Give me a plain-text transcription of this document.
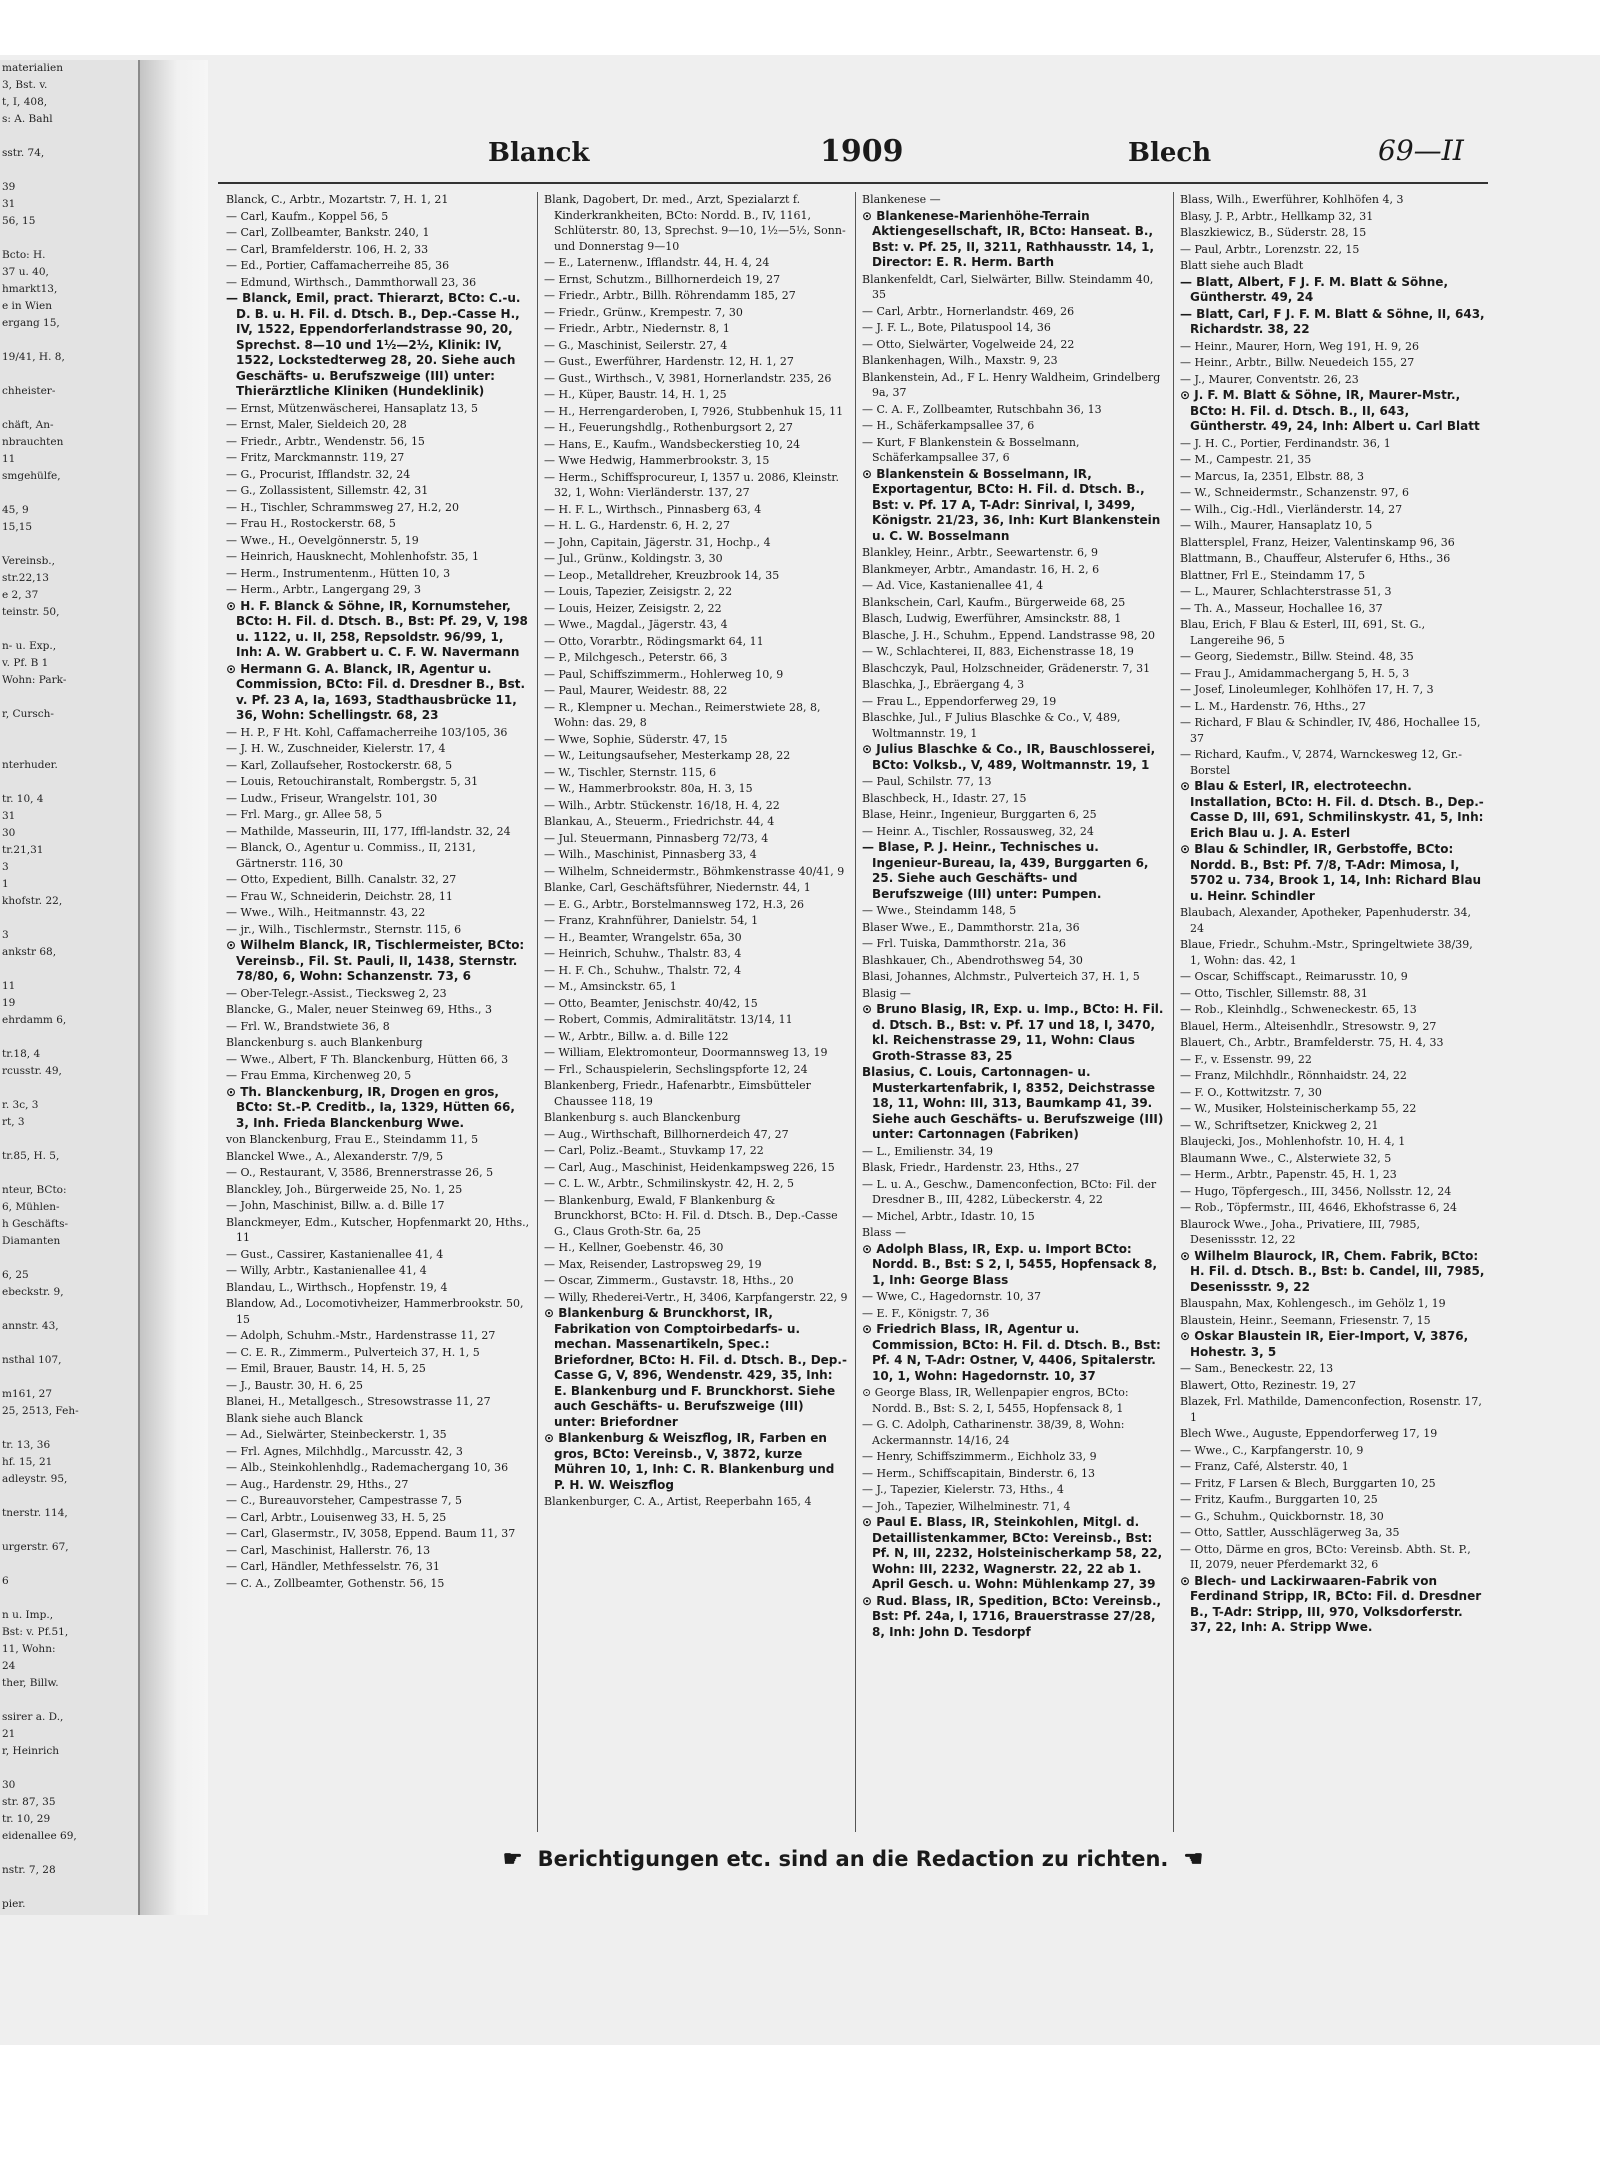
materialien
3, Bst. v.
t, I, 408,
s: A. Bahl

sstr. 74,

39
31
56, 15

Bcto: H.
37 u. 40,
hmarkt13,
e in Wien
ergang 15,

19/41, H. 8,

chheister-

chäft, An-
nbrauchten
11
smgehülfe,

45, 9
15,15

Vereinsb.,
str.22,13
e 2, 37
teinstr. 50,

n- u. Exp.,
v. Pf. B 1
Wohn: Park-

r, Cursch-

nterhuder.

tr. 10, 4
31
30
tr.21,31
3
1
khofstr. 22,

3
ankstr 68,

11
19
ehrdamm 6,

tr.18, 4
rcusstr. 49,

r. 3c, 3
rt, 3

tr.85, H. 5,

nteur, BCto:
6, Mühlen-
h Geschäfts-
Diamanten

6, 25
ebeckstr. 9,

annstr. 43,

nsthal 107,

m161, 27
25, 2513, Feh-

tr. 13, 36
hf. 15, 21
adleystr. 95,

tnerstr. 114,

urgerstr. 67,

6

n u. Imp.,
Bst: v. Pf.51,
11, Wohn:
24
ther, Billw.

ssirer a. D.,
21
r, Heinrich

30
str. 87, 35
tr. 10, 29
eidenallee 69,

nstr. 7, 28

pier.
Blanck	1909	Blech	69—II
Blanck, C., Arbtr., Mozartstr. 7, H. 1, 21
— Carl, Kaufm., Koppel 56, 5
— Carl, Zollbeamter, Bankstr. 240, 1
— Carl, Bramfelderstr. 106, H. 2, 33
— Ed., Portier, Caffamacherreihe 85, 36
— Edmund, Wirthsch., Dammthorwall 23, 36
— Blanck, Emil, pract. Thierarzt, BCto: C.-u. D. B. u. H. Fil. d. Dtsch. B., Dep.-Casse H., IV, 1522, Eppendorferlandstrasse 90, 20, Sprechst. 8—10 und 1½—2½, Klinik: IV, 1522, Lockstedterweg 28, 20. Siehe auch Geschäfts- u. Berufszweige (III) unter: Thierärztliche Kliniken (Hundeklinik)
— Ernst, Mützenwäscherei, Hansaplatz 13, 5
— Ernst, Maler, Sieldeich 20, 28
— Friedr., Arbtr., Wendenstr. 56, 15
— Fritz, Marckmannstr. 119, 27
— G., Procurist, Ifflandstr. 32, 24
— G., Zollassistent, Sillemstr. 42, 31
— H., Tischler, Schrammsweg 27, H.2, 20
— Frau H., Rostockerstr. 68, 5
— Wwe., H., Oevelgönnerstr. 5, 19
— Heinrich, Hausknecht, Mohlenhofstr. 35, 1
— Herm., Instrumentenm., Hütten 10, 3
— Herm., Arbtr., Langergang 29, 3
⊙ H. F. Blanck & Söhne, IR, Kornumsteher, BCto: H. Fil. d. Dtsch. B., Bst: Pf. 29, V, 198 u. 1122, u. II, 258, Repsoldstr. 96/99, 1, Inh: A. W. Grabbert u. C. F. W. Navermann
⊙ Hermann G. A. Blanck, IR, Agentur u. Commission, BCto: Fil. d. Dresdner B., Bst. v. Pf. 23 A, Ia, 1693, Stadthausbrücke 11, 36, Wohn: Schellingstr. 68, 23
— H. P., F Ht. Kohl, Caffamacherreihe 103/105, 36
— J. H. W., Zuschneider, Kielerstr. 17, 4
— Karl, Zollaufseher, Rostockerstr. 68, 5
— Louis, Retouchiranstalt, Rombergstr. 5, 31
— Ludw., Friseur, Wrangelstr. 101, 30
— Frl. Marg., gr. Allee 58, 5
— Mathilde, Masseurin, III, 177, Iffl-landstr. 32, 24
— Blanck, O., Agentur u. Commiss., II, 2131, Gärtnerstr. 116, 30
— Otto, Expedient, Billh. Canalstr. 32, 27
— Frau W., Schneiderin, Deichstr. 28, 11
— Wwe., Wilh., Heitmannstr. 43, 22
— jr., Wilh., Tischlermstr., Sternstr. 115, 6
⊙ Wilhelm Blanck, IR, Tischlermeister, BCto: Vereinsb., Fil. St. Pauli, II, 1438, Sternstr. 78/80, 6, Wohn: Schanzenstr. 73, 6
— Ober-Telegr.-Assist., Tiecksweg 2, 23
Blancke, G., Maler, neuer Steinweg 69, Hths., 3
— Frl. W., Brandstwiete 36, 8
Blanckenburg s. auch Blankenburg
— Wwe., Albert, F Th. Blanckenburg, Hütten 66, 3
— Frau Emma, Kirchenweg 20, 5
⊙ Th. Blanckenburg, IR, Drogen en gros, BCto: St.-P. Creditb., Ia, 1329, Hütten 66, 3, Inh. Frieda Blanckenburg Wwe.
von Blanckenburg, Frau E., Steindamm 11, 5
Blanckel Wwe., A., Alexanderstr. 7/9, 5
— O., Restaurant, V, 3586, Brennerstrasse 26, 5
Blanckley, Joh., Bürgerweide 25, No. 1, 25
— John, Maschinist, Billw. a. d. Bille 17
Blanckmeyer, Edm., Kutscher, Hopfenmarkt 20, Hths., 11
— Gust., Cassirer, Kastanienallee 41, 4
— Willy, Arbtr., Kastanienallee 41, 4
Blandau, L., Wirthsch., Hopfenstr. 19, 4
Blandow, Ad., Locomotivheizer, Hammerbrookstr. 50, 15
— Adolph, Schuhm.-Mstr., Hardenstrasse 11, 27
— C. E. R., Zimmerm., Pulverteich 37, H. 1, 5
— Emil, Brauer, Baustr. 14, H. 5, 25
— J., Baustr. 30, H. 6, 25
Blanei, H., Metallgesch., Stresowstrasse 11, 27
Blank siehe auch Blanck
— Ad., Sielwärter, Steinbeckerstr. 1, 35
— Frl. Agnes, Milchhdlg., Marcusstr. 42, 3
— Alb., Steinkohlenhdlg., Rademachergang 10, 36
— Aug., Hardenstr. 29, Hths., 27
— C., Bureauvorsteher, Campestrasse 7, 5
— Carl, Arbtr., Louisenweg 33, H. 5, 25
— Carl, Glasermstr., IV, 3058, Eppend. Baum 11, 37
— Carl, Maschinist, Hallerstr. 76, 13
— Carl, Händler, Methfesselstr. 76, 31
— C. A., Zollbeamter, Gothenstr. 56, 15
Blank, Dagobert, Dr. med., Arzt, Spezialarzt f. Kinderkrankheiten, BCto: Nordd. B., IV, 1161, Schlüterstr. 80, 13, Sprechst. 9—10, 1½—5½, Sonn- und Donnerstag 9—10
— E., Laternenw., Ifflandstr. 44, H. 4, 24
— Ernst, Schutzm., Billhornerdeich 19, 27
— Friedr., Arbtr., Billh. Röhrendamm 185, 27
— Friedr., Grünw., Krempestr. 7, 30
— Friedr., Arbtr., Niedernstr. 8, 1
— G., Maschinist, Seilerstr. 27, 4
— Gust., Ewerführer, Hardenstr. 12, H. 1, 27
— Gust., Wirthsch., V, 3981, Hornerlandstr. 235, 26
— H., Küper, Baustr. 14, H. 1, 25
— H., Herrengarderoben, I, 7926, Stubbenhuk 15, 11
— H., Feuerungshdlg., Rothenburgsort 2, 27
— Hans, E., Kaufm., Wandsbeckerstieg 10, 24
— Wwe Hedwig, Hammerbrookstr. 3, 15
— Herm., Schiffsprocureur, I, 1357 u. 2086, Kleinstr. 32, 1, Wohn: Vierländerstr. 137, 27
— H. F. L., Wirthsch., Pinnasberg 63, 4
— H. L. G., Hardenstr. 6, H. 2, 27
— John, Capitain, Jägerstr. 31, Hochp., 4
— Jul., Grünw., Koldingstr. 3, 30
— Leop., Metalldreher, Kreuzbrook 14, 35
— Louis, Tapezier, Zeisigstr. 2, 22
— Louis, Heizer, Zeisigstr. 2, 22
— Wwe., Magdal., Jägerstr. 43, 4
— Otto, Vorarbtr., Rödingsmarkt 64, 11
— P., Milchgesch., Peterstr. 66, 3
— Paul, Schiffszimmerm., Hohlerweg 10, 9
— Paul, Maurer, Weidestr. 88, 22
— R., Klempner u. Mechan., Reimerstwiete 28, 8, Wohn: das. 29, 8
— Wwe, Sophie, Süderstr. 47, 15
— W., Leitungsaufseher, Mesterkamp 28, 22
— W., Tischler, Sternstr. 115, 6
— W., Hammerbrookstr. 80a, H. 3, 15
— Wilh., Arbtr. Stückenstr. 16/18, H. 4, 22
Blankau, A., Steuerm., Friedrichstr. 44, 4
— Jul. Steuermann, Pinnasberg 72/73, 4
— Wilh., Maschinist, Pinnasberg 33, 4
— Wilhelm, Schneidermstr., Böhmkenstrasse 40/41, 9
Blanke, Carl, Geschäftsführer, Niedernstr. 44, 1
— E. G., Arbtr., Borstelmannsweg 172, H.3, 26
— Franz, Krahnführer, Danielstr. 54, 1
— H., Beamter, Wrangelstr. 65a, 30
— Heinrich, Schuhw., Thalstr. 83, 4
— H. F. Ch., Schuhw., Thalstr. 72, 4
— M., Amsinckstr. 65, 1
— Otto, Beamter, Jenischstr. 40/42, 15
— Robert, Commis, Admiralitätstr. 13/14, 11
— W., Arbtr., Billw. a. d. Bille 122
— William, Elektromonteur, Doormannsweg 13, 19
— Frl., Schauspielerin, Sechslingspforte 12, 24
Blankenberg, Friedr., Hafenarbtr., Eimsbütteler Chaussee 118, 19
Blankenburg s. auch Blanckenburg
— Aug., Wirthschaft, Billhornerdeich 47, 27
— Carl, Poliz.-Beamt., Stuvkamp 17, 22
— Carl, Aug., Maschinist, Heidenkampsweg 226, 15
— C. L. W., Arbtr., Schmilinskystr. 42, H. 2, 5
— Blankenburg, Ewald, F Blankenburg & Brunckhorst, BCto: H. Fil. d. Dtsch. B., Dep.-Casse G., Claus Groth-Str. 6a, 25
— H., Kellner, Goebenstr. 46, 30
— Max, Reisender, Lastropsweg 29, 19
— Oscar, Zimmerm., Gustavstr. 18, Hths., 20
— Willy, Rhederei-Vertr., H, 3406, Karpfangerstr. 22, 9
⊙ Blankenburg & Brunckhorst, IR, Fabrikation von Comptoirbedarfs- u. mechan. Massenartikeln, Spec.: Briefordner, BCto: H. Fil. d. Dtsch. B., Dep.-Casse G, V, 896, Wendenstr. 429, 35, Inh: E. Blankenburg und F. Brunckhorst. Siehe auch Geschäfts- u. Berufszweige (III) unter: Briefordner
⊙ Blankenburg & Weiszflog, IR, Farben en gros, BCto: Vereinsb., V, 3872, kurze Mühren 10, 1, Inh: C. R. Blankenburg und P. H. W. Weiszflog
Blankenburger, C. A., Artist, Reeperbahn 165, 4
Blankenese —
⊙ Blankenese-Marienhöhe-Terrain Aktiengesellschaft, IR, BCto: Hanseat. B., Bst: v. Pf. 25, II, 3211, Rathhausstr. 14, 1, Director: E. R. Herm. Barth
Blankenfeldt, Carl, Sielwärter, Billw. Steindamm 40, 35
— Carl, Arbtr., Hornerlandstr. 469, 26
— J. F. L., Bote, Pilatuspool 14, 36
— Otto, Sielwärter, Vogelweide 24, 22
Blankenhagen, Wilh., Maxstr. 9, 23
Blankenstein, Ad., F L. Henry Waldheim, Grindelberg 9a, 37
— C. A. F., Zollbeamter, Rutschbahn 36, 13
— H., Schäferkampsallee 37, 6
— Kurt, F Blankenstein & Bosselmann, Schäferkampsallee 37, 6
⊙ Blankenstein & Bosselmann, IR, Exportagentur, BCto: H. Fil. d. Dtsch. B., Bst: v. Pf. 17 A, T-Adr: Sinrival, I, 3499, Königstr. 21/23, 36, Inh: Kurt Blankenstein u. C. W. Bosselmann
Blankley, Heinr., Arbtr., Seewartenstr. 6, 9
Blankmeyer, Arbtr., Amandastr. 16, H. 2, 6
— Ad. Vice, Kastanienallee 41, 4
Blankschein, Carl, Kaufm., Bürgerweide 68, 25
Blasch, Ludwig, Ewerführer, Amsinckstr. 88, 1
Blasche, J. H., Schuhm., Eppend. Landstrasse 98, 20
— W., Schlachterei, II, 883, Eichenstrasse 18, 19
Blaschczyk, Paul, Holzschneider, Grädenerstr. 7, 31
Blaschka, J., Ebräergang 4, 3
— Frau L., Eppendorferweg 29, 19
Blaschke, Jul., F Julius Blaschke & Co., V, 489, Woltmannstr. 19, 1
⊙ Julius Blaschke & Co., IR, Bauschlosserei, BCto: Volksb., V, 489, Woltmannstr. 19, 1
— Paul, Schilstr. 77, 13
Blaschbeck, H., Idastr. 27, 15
Blase, Heinr., Ingenieur, Burggarten 6, 25
— Heinr. A., Tischler, Rossausweg, 32, 24
— Blase, P. J. Heinr., Technisches u. Ingenieur-Bureau, Ia, 439, Burggarten 6, 25. Siehe auch Geschäfts- und Berufszweige (III) unter: Pumpen.
— Wwe., Steindamm 148, 5
Blaser Wwe., E., Dammthorstr. 21a, 36
— Frl. Tuiska, Dammthorstr. 21a, 36
Blashkauer, Ch., Abendrothsweg 54, 30
Blasi, Johannes, Alchmstr., Pulverteich 37, H. 1, 5
Blasig —
⊙ Bruno Blasig, IR, Exp. u. Imp., BCto: H. Fil. d. Dtsch. B., Bst: v. Pf. 17 und 18, I, 3470, kl. Reichenstrasse 29, 11, Wohn: Claus Groth-Strasse 83, 25
Blasius, C. Louis, Cartonnagen- u. Musterkartenfabrik, I, 8352, Deichstrasse 18, 11, Wohn: III, 313, Baumkamp 41, 39. Siehe auch Geschäfts- u. Berufszweige (III) unter: Cartonnagen (Fabriken)
— L., Emilienstr. 34, 19
Blask, Friedr., Hardenstr. 23, Hths., 27
— L. u. A., Geschw., Damenconfection, BCto: Fil. der Dresdner B., III, 4282, Lübeckerstr. 4, 22
— Michel, Arbtr., Idastr. 10, 15
Blass —
⊙ Adolph Blass, IR, Exp. u. Import BCto: Nordd. B., Bst: S 2, I, 5455, Hopfensack 8, 1, Inh: George Blass
— Wwe, C., Hagedornstr. 10, 37
— E. F., Königstr. 7, 36
⊙ Friedrich Blass, IR, Agentur u. Commission, BCto: H. Fil. d. Dtsch. B., Bst: Pf. 4 N, T-Adr: Ostner, V, 4406, Spitalerstr. 10, 1, Wohn: Hagedornstr. 10, 37
⊙ George Blass, IR, Wellenpapier engros, BCto: Nordd. B., Bst: S. 2, I, 5455, Hopfensack 8, 1
— G. C. Adolph, Catharinenstr. 38/39, 8, Wohn: Ackermannstr. 14/16, 24
— Henry, Schiffszimmerm., Eichholz 33, 9
— Herm., Schiffscapitain, Binderstr. 6, 13
— J., Tapezier, Kielerstr. 73, Hths., 4
— Joh., Tapezier, Wilhelminestr. 71, 4
⊙ Paul E. Blass, IR, Steinkohlen, Mitgl. d. Detaillistenkammer, BCto: Vereinsb., Bst: Pf. N, III, 2232, Holsteinischerkamp 58, 22, Wohn: III, 2232, Wagnerstr. 22, 22 ab 1. April Gesch. u. Wohn: Mühlenkamp 27, 39
⊙ Rud. Blass, IR, Spedition, BCto: Vereinsb., Bst: Pf. 24a, I, 1716, Brauerstrasse 27/28, 8, Inh: John D. Tesdorpf
Blass, Wilh., Ewerführer, Kohlhöfen 4, 3
Blasy, J. P., Arbtr., Hellkamp 32, 31
Blaszkiewicz, B., Süderstr. 28, 15
— Paul, Arbtr., Lorenzstr. 22, 15
Blatt siehe auch Bladt
— Blatt, Albert, F J. F. M. Blatt & Söhne, Güntherstr. 49, 24
— Blatt, Carl, F J. F. M. Blatt & Söhne, II, 643, Richardstr. 38, 22
— Heinr., Maurer, Horn, Weg 191, H. 9, 26
— Heinr., Arbtr., Billw. Neuedeich 155, 27
— J., Maurer, Conventstr. 26, 23
⊙ J. F. M. Blatt & Söhne, IR, Maurer-Mstr., BCto: H. Fil. d. Dtsch. B., II, 643, Güntherstr. 49, 24, Inh: Albert u. Carl Blatt
— J. H. C., Portier, Ferdinandstr. 36, 1
— M., Campestr. 21, 35
— Marcus, Ia, 2351, Elbstr. 88, 3
— W., Schneidermstr., Schanzenstr. 97, 6
— Wilh., Cig.-Hdl., Vierländerstr. 14, 27
— Wilh., Maurer, Hansaplatz 10, 5
Blattersplel, Franz, Heizer, Valentinskamp 96, 36
Blattmann, B., Chauffeur, Alsterufer 6, Hths., 36
Blattner, Frl E., Steindamm 17, 5
— L., Maurer, Schlachterstrasse 51, 3
— Th. A., Masseur, Hochallee 16, 37
Blau, Erich, F Blau & Esterl, III, 691, St. G., Langereihe 96, 5
— Georg, Siedemstr., Billw. Steind. 48, 35
— Frau J., Amidammachergang 5, H. 5, 3
— Josef, Linoleumleger, Kohlhöfen 17, H. 7, 3
— L. M., Hardenstr. 76, Hths., 27
— Richard, F Blau & Schindler, IV, 486, Hochallee 15, 37
— Richard, Kaufm., V, 2874, Warnckesweg 12, Gr.-Borstel
⊙ Blau & Esterl, IR, electroteechn. Installation, BCto: H. Fil. d. Dtsch. B., Dep.-Casse D, III, 691, Schmilinskystr. 41, 5, Inh: Erich Blau u. J. A. Esterl
⊙ Blau & Schindler, IR, Gerbstoffe, BCto: Nordd. B., Bst: Pf. 7/8, T-Adr: Mimosa, I, 5702 u. 734, Brook 1, 14, Inh: Richard Blau u. Heinr. Schindler
Blaubach, Alexander, Apotheker, Papenhuderstr. 34, 24
Blaue, Friedr., Schuhm.-Mstr., Springeltwiete 38/39, 1, Wohn: das. 42, 1
— Oscar, Schiffscapt., Reimarusstr. 10, 9
— Otto, Tischler, Sillemstr. 88, 31
— Rob., Kleinhdlg., Schweneckestr. 65, 13
Blauel, Herm., Alteisenhdlr., Stresowstr. 9, 27
Blauert, Ch., Arbtr., Bramfelderstr. 75, H. 4, 33
— F., v. Essenstr. 99, 22
— Franz, Milchhdlr., Rönnhaidstr. 24, 22
— F. O., Kottwitzstr. 7, 30
— W., Musiker, Holsteinischerkamp 55, 22
— W., Schriftsetzer, Knickweg 2, 21
Blaujecki, Jos., Mohlenhofstr. 10, H. 4, 1
Blaumann Wwe., C., Alsterwiete 32, 5
— Herm., Arbtr., Papenstr. 45, H. 1, 23
— Hugo, Töpfergesch., III, 3456, Nollsstr. 12, 24
— Rob., Töpfermstr., III, 4646, Ekhofstrasse 6, 24
Blaurock Wwe., Joha., Privatiere, III, 7985, Desenissstr. 12, 22
⊙ Wilhelm Blaurock, IR, Chem. Fabrik, BCto: H. Fil. d. Dtsch. B., Bst: b. Candel, III, 7985, Desenissstr. 9, 22
Blauspahn, Max, Kohlengesch., im Gehölz 1, 19
Blaustein, Heinr., Seemann, Friesenstr. 7, 15
⊙ Oskar Blaustein IR, Eier-Import, V, 3876, Hohestr. 3, 5
— Sam., Beneckestr. 22, 13
Blawert, Otto, Rezinestr. 19, 27
Blazek, Frl. Mathilde, Damenconfection, Rosenstr. 17, 1
Blech Wwe., Auguste, Eppendorferweg 17, 19
— Wwe., C., Karpfangerstr. 10, 9
— Franz, Café, Alsterstr. 40, 1
— Fritz, F Larsen & Blech, Burggarten 10, 25
— Fritz, Kaufm., Burggarten 10, 25
— G., Schuhm., Quickbornstr. 18, 30
— Otto, Sattler, Ausschlägerweg 3a, 35
— Otto, Därme en gros, BCto: Vereinsb. Abth. St. P., II, 2079, neuer Pferdemarkt 32, 6
⊙ Blech- und Lackirwaaren-Fabrik von Ferdinand Stripp, IR, BCto: Fil. d. Dresdner B., T-Adr: Stripp, III, 970, Volksdorferstr. 37, 22, Inh: A. Stripp Wwe.
☛ Berichtigungen etc. sind an die Redaction zu richten. ☚
